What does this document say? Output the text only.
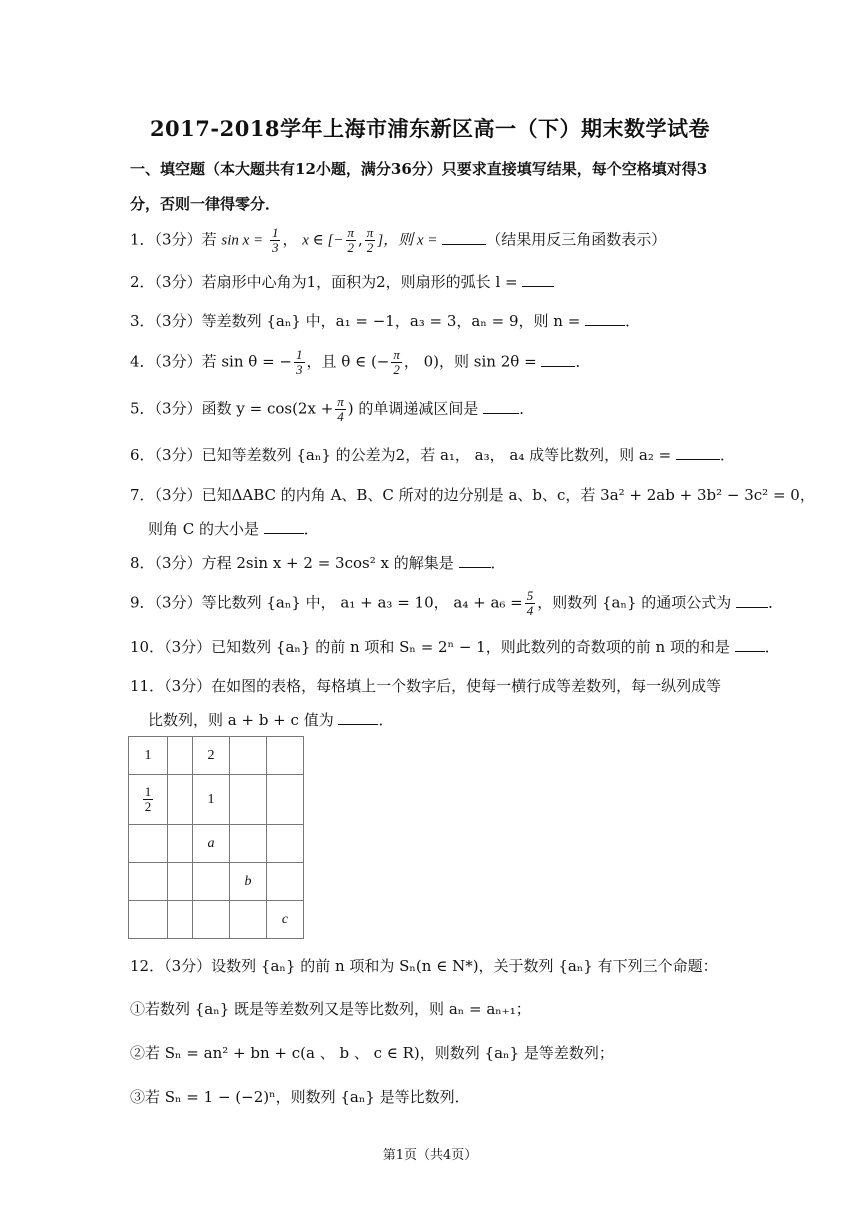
2017-2018学年上海市浦东新区高一（下）期末数学试卷
一、填空题（本大题共有12小题，满分36分）只要求直接填写结果，每个空格填对得3
分，否则一律得零分．
1．（3分）若 $\sin x = \frac{1}{3}$ ， x ∈ [− $\frac{\pi}{2}$ , $\frac{\pi}{2}$ ]，则 x =	（结果用反三角函数表示）
2．（3分）若扇形中心角为1，面积为2，则扇形的弧长 l =
3．（3分）等差数列 {aₙ} 中，a₁ = −1，a₃ = 3，aₙ = 9，则 n =	．
4．（3分）若 sin θ = − $\frac{1}{3}$ ，且 θ ∈ (− $\frac{\pi}{2}$ ， 0)，则 sin 2θ =	．
5．（3分）函数 $y = \cos(2x + \frac{\pi}{4}$ ) 的单调递减区间是	．
6．（3分）已知等差数列 {aₙ} 的公差为2，若 a₁， a₃， a₄ 成等比数列，则 a₂ =	．
7．（3分）已知ΔABC 的内角 A、B、C 所对的边分别是 a、b、c，若 3a² + 2ab + 3b² − 3c² = 0，
则角 C 的大小是	．
8．（3分）方程 2sin x + 2 = 3cos² x 的解集是 ．
9．（3分）等比数列 {aₙ} 中， a₁ + a₃ = 10， $a_4 + a_6 = \frac{5}{4}$ ，则数列 {aₙ} 的通项公式为 ．
10．（3分）已知数列 {aₙ} 的前 n 项和 Sₙ = 2ⁿ − 1，则此数列的奇数项的前 n 项的和是 ．
11．（3分）在如图的表格，每格填上一个数字后，使每一横行成等差数列，每一纵列成等
比数列，则 a + b + c 值为	．
1		2		

$\frac{1}{2}$		1		
		a		
			b	
				c
12．（3分）设数列 {aₙ} 的前 n 项和为 Sₙ(n ∈ N*)，关于数列 {aₙ} 有下列三个命题：
①若数列 {aₙ} 既是等差数列又是等比数列，则 aₙ = aₙ₊₁；
②若 Sₙ = an² + bn + c(a 、 b 、 c ∈ R)，则数列 {aₙ} 是等差数列；
③若 Sₙ = 1 − (−2)ⁿ，则数列 {aₙ} 是等比数列．
第1页（共4页）
